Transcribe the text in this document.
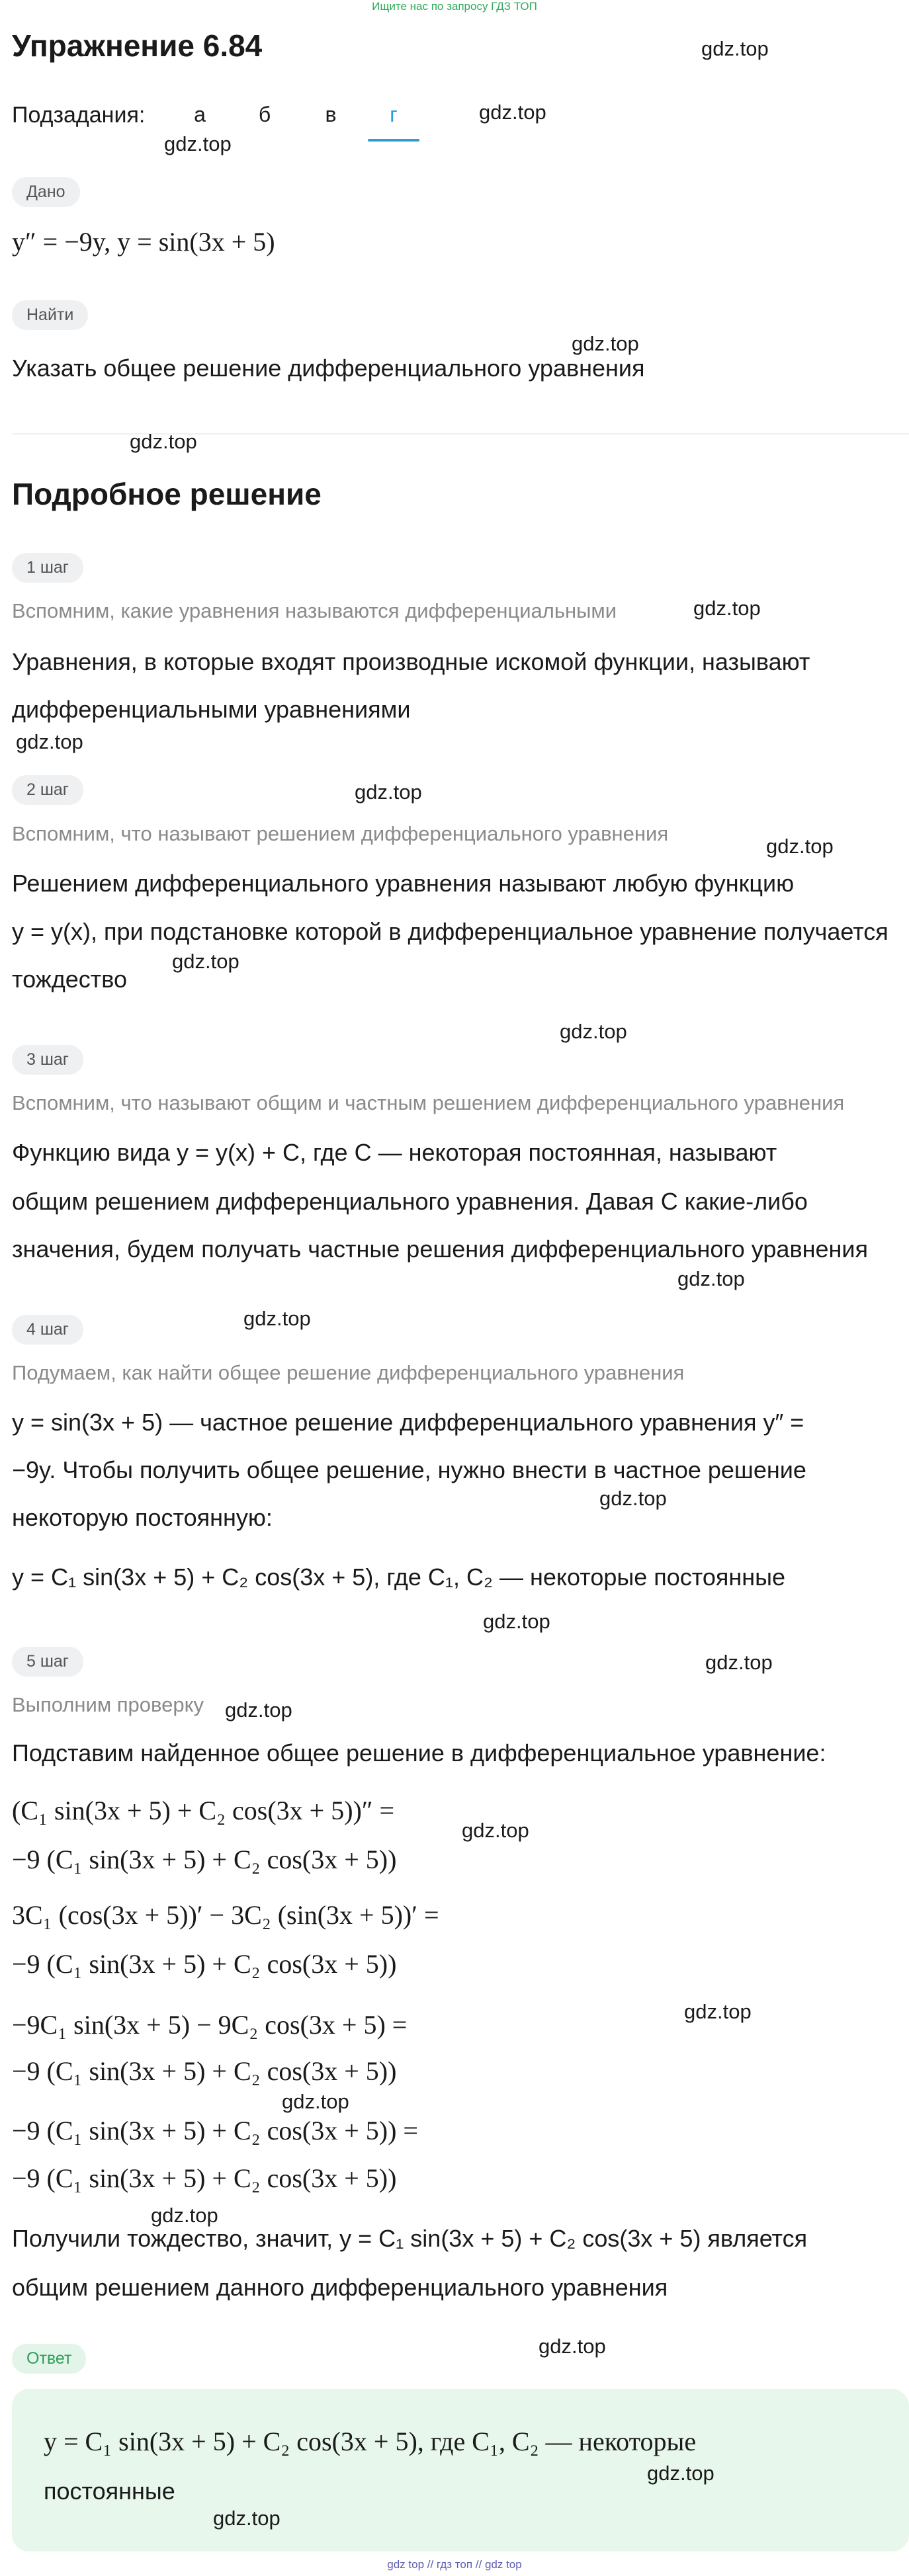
Ищите нас по запросу ГДЗ ТОП
Упражнение 6.84
Подзадания:	а	б	в	г
Дано
y″ = −9y, y = sin(3x + 5)
Найти
Указать общее решение дифференциального уравнения
Подробное решение
1 шаг
Вспомним, какие уравнения называются дифференциальными
Уравнения, в которые входят производные искомой функции, называют
дифференциальными уравнениями
2 шаг
Вспомним, что называют решением дифференциального уравнения
Решением дифференциального уравнения называют любую функцию
y = y(x), при подстановке которой в дифференциальное уравнение получается
тождество
3 шаг
Вспомним, что называют общим и частным решением дифференциального уравнения
Функцию вида y = y(x) + C, где C — некоторая постоянная, называют
общим решением дифференциального уравнения. Давая C какие-либо
значения, будем получать частные решения дифференциального уравнения
4 шаг
Подумаем, как найти общее решение дифференциального уравнения
y = sin(3x + 5) — частное решение дифференциального уравнения y″ =
−9y. Чтобы получить общее решение, нужно внести в частное решение
некоторую постоянную:
y = C₁ sin(3x + 5) + C₂ cos(3x + 5), где C₁, C₂ — некоторые постоянные
5 шаг
Выполним проверку
Подставим найденное общее решение в дифференциальное уравнение:
(C₁ sin(3x + 5) + C₂ cos(3x + 5))″ =
−9 (C₁ sin(3x + 5) + C₂ cos(3x + 5))
3C₁ (cos(3x + 5))′ − 3C₂ (sin(3x + 5))′ =
−9 (C₁ sin(3x + 5) + C₂ cos(3x + 5))
−9C₁ sin(3x + 5) − 9C₂ cos(3x + 5) =
−9 (C₁ sin(3x + 5) + C₂ cos(3x + 5))
−9 (C₁ sin(3x + 5) + C₂ cos(3x + 5)) =
−9 (C₁ sin(3x + 5) + C₂ cos(3x + 5))
Получили тождество, значит, y = C₁ sin(3x + 5) + C₂ cos(3x + 5) является
общим решением данного дифференциального уравнения
Ответ
y = C₁ sin(3x + 5) + C₂ cos(3x + 5), где C₁, C₂ — некоторые
постоянные
gdz.top
gdz.top
gdz.top
gdz.top
gdz.top
gdz.top
gdz.top
gdz.top
gdz.top
gdz.top
gdz.top
gdz.top
gdz.top
gdz.top
gdz.top
gdz.top
gdz.top
gdz.top
gdz.top
gdz.top
gdz.top
gdz.top
gdz.top
gdz.top
gdz top // гдз топ // gdz top
